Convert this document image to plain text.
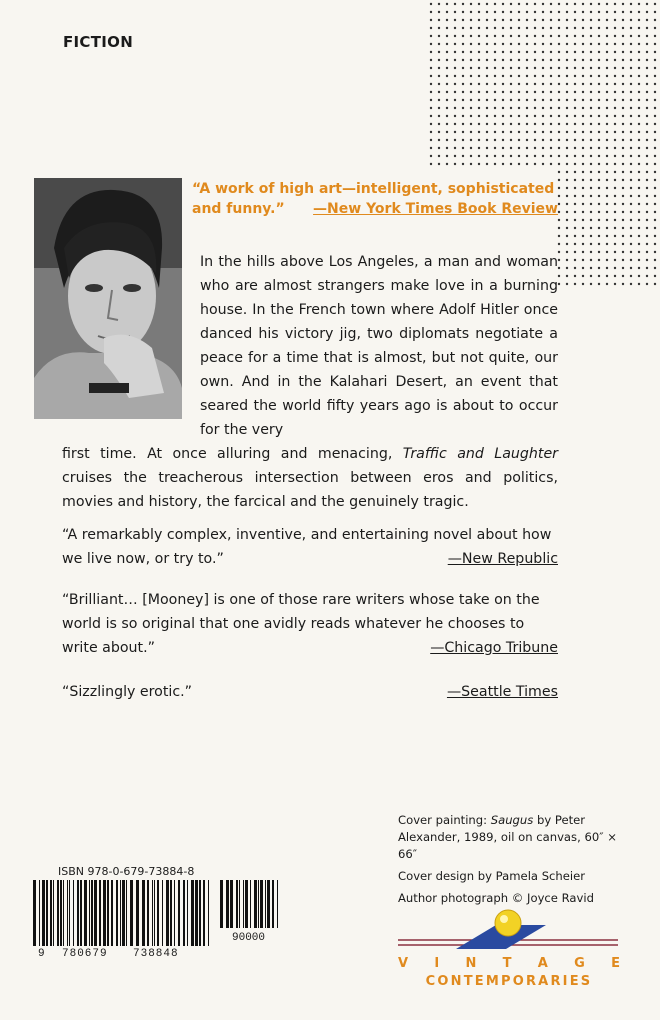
FICTION
“A work of high art—intelligent, sophisticated and funny.” —New York Times Book Review
In the hills above Los Angeles, a man and woman who are almost strangers make love in a burning house. In the French town where Adolf Hitler once danced his victory jig, two diplomats negotiate a peace for a time that is almost, but not quite, our own. And in the Kalahari Desert, an event that seared the world fifty years ago is about to occur for the very
first time. At once alluring and menacing, Traffic and Laughter cruises the treacherous intersection between eros and politics, movies and history, the farcical and the genuinely tragic.
“A remarkably complex, inventive, and entertaining novel about how we live now, or try to.”	—New Republic
“Brilliant… [Mooney] is one of those rare writers whose take on the world is so original that one avidly reads whatever he chooses to write about.”	—Chicago Tribune
“Sizzlingly erotic.”	—Seattle Times
Cover painting: Saugus by Peter Alexander, 1989, oil on canvas, 60″ × 66″
Cover design by Pamela Scheier
Author photograph © Joyce Ravid
ISBN 978-0-679-73884-8
9 780679 738848
90000
V I N T A G E
CONTEMPORARIES
